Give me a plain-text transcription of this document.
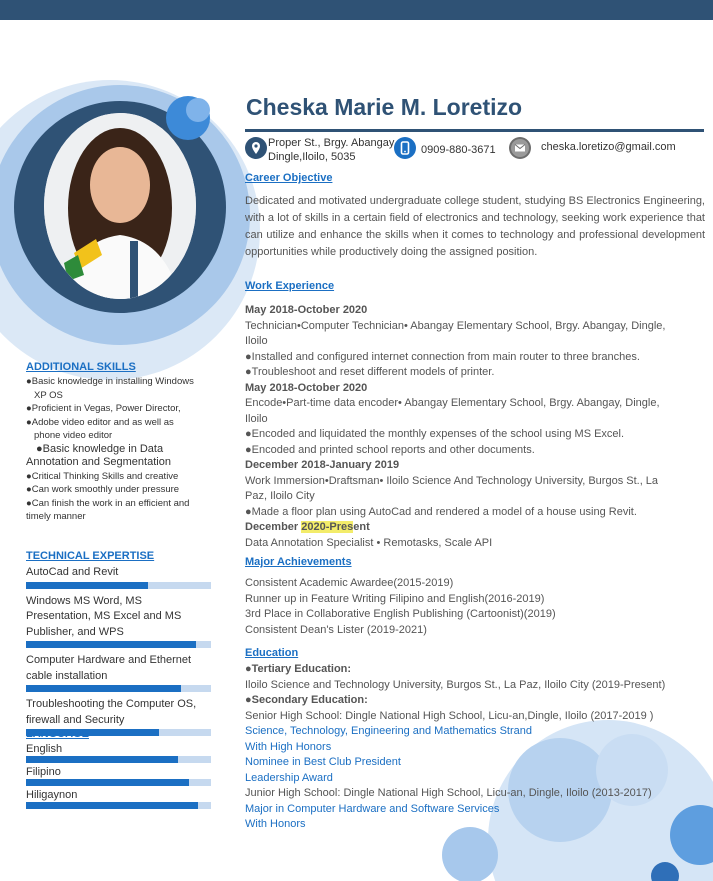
Cheska Marie M. Loretizo
Proper St., Brgy. Abangay
Dingle,Iloilo, 5035
0909-880-3671	cheska.loretizo@gmail.com
Career Objective
Dedicated and motivated undergraduate college student, studying BS Electronics Engineering, with a lot of skills in a certain field of electronics and technology, seeking work experience that can utilize and enhance the skills when it comes to technology and professional development opportunities while productively doing the assigned position.
Work Experience
May 2018-October 2020
Technician•Computer Technician• Abangay Elementary School, Brgy. Abangay, Dingle,
Iloilo
●Installed and configured internet connection from main router to three branches.
●Troubleshoot and reset different models of printer.
May 2018-October 2020
Encode•Part-time data encoder• Abangay Elementary School, Brgy. Abangay, Dingle,
Iloilo
●Encoded and liquidated the monthly expenses of the school using MS Excel.
●Encoded and printed school reports and other documents.
December 2018-January 2019
Work Immersion•Draftsman• Iloilo Science And Technology University, Burgos St., La
Paz, Iloilo City
●Made a floor plan using AutoCad and rendered a model of a house using Revit.
December 2020-Present
Data Annotation Specialist • Remotasks, Scale API
Major Achievements
Consistent Academic Awardee(2015-2019)
Runner up in Feature Writing Filipino and English(2016-2019)
3rd Place in Collaborative English Publishing (Cartoonist)(2019)
Consistent Dean's Lister (2019-2021)
Education
●Tertiary Education:
Iloilo Science and Technology University, Burgos St., La Paz, Iloilo City (2019-Present)
●Secondary Education:
Senior High School: Dingle National High School, Licu-an,Dingle, Iloilo (2017-2019 )
Science, Technology, Engineering and Mathematics Strand
With High Honors
Nominee in Best Club President
Leadership Award
Junior High School: Dingle National High School, Licu-an, Dingle, Iloilo (2013-2017)
Major in Computer Hardware and Software Services
With Honors
ADDITIONAL SKILLS
●Basic knowledge in installing Windows
XP OS
●Proficient in Vegas, Power Director,
●Adobe video editor and as well as
phone video editor
●Basic knowledge in Data
Annotation and Segmentation
●Critical Thinking Skills and creative
●Can work smoothly under pressure
●Can finish the work in an efficient and
timely manner
TECHNICAL EXPERTISE
AutoCad and Revit
Windows MS Word, MS
Presentation, MS Excel and MS
Publisher, and WPS
Computer Hardware and Ethernet
cable installation
Troubleshooting the Computer OS,
firewall and Security
LANGUAGE
English
Filipino
Hiligaynon
